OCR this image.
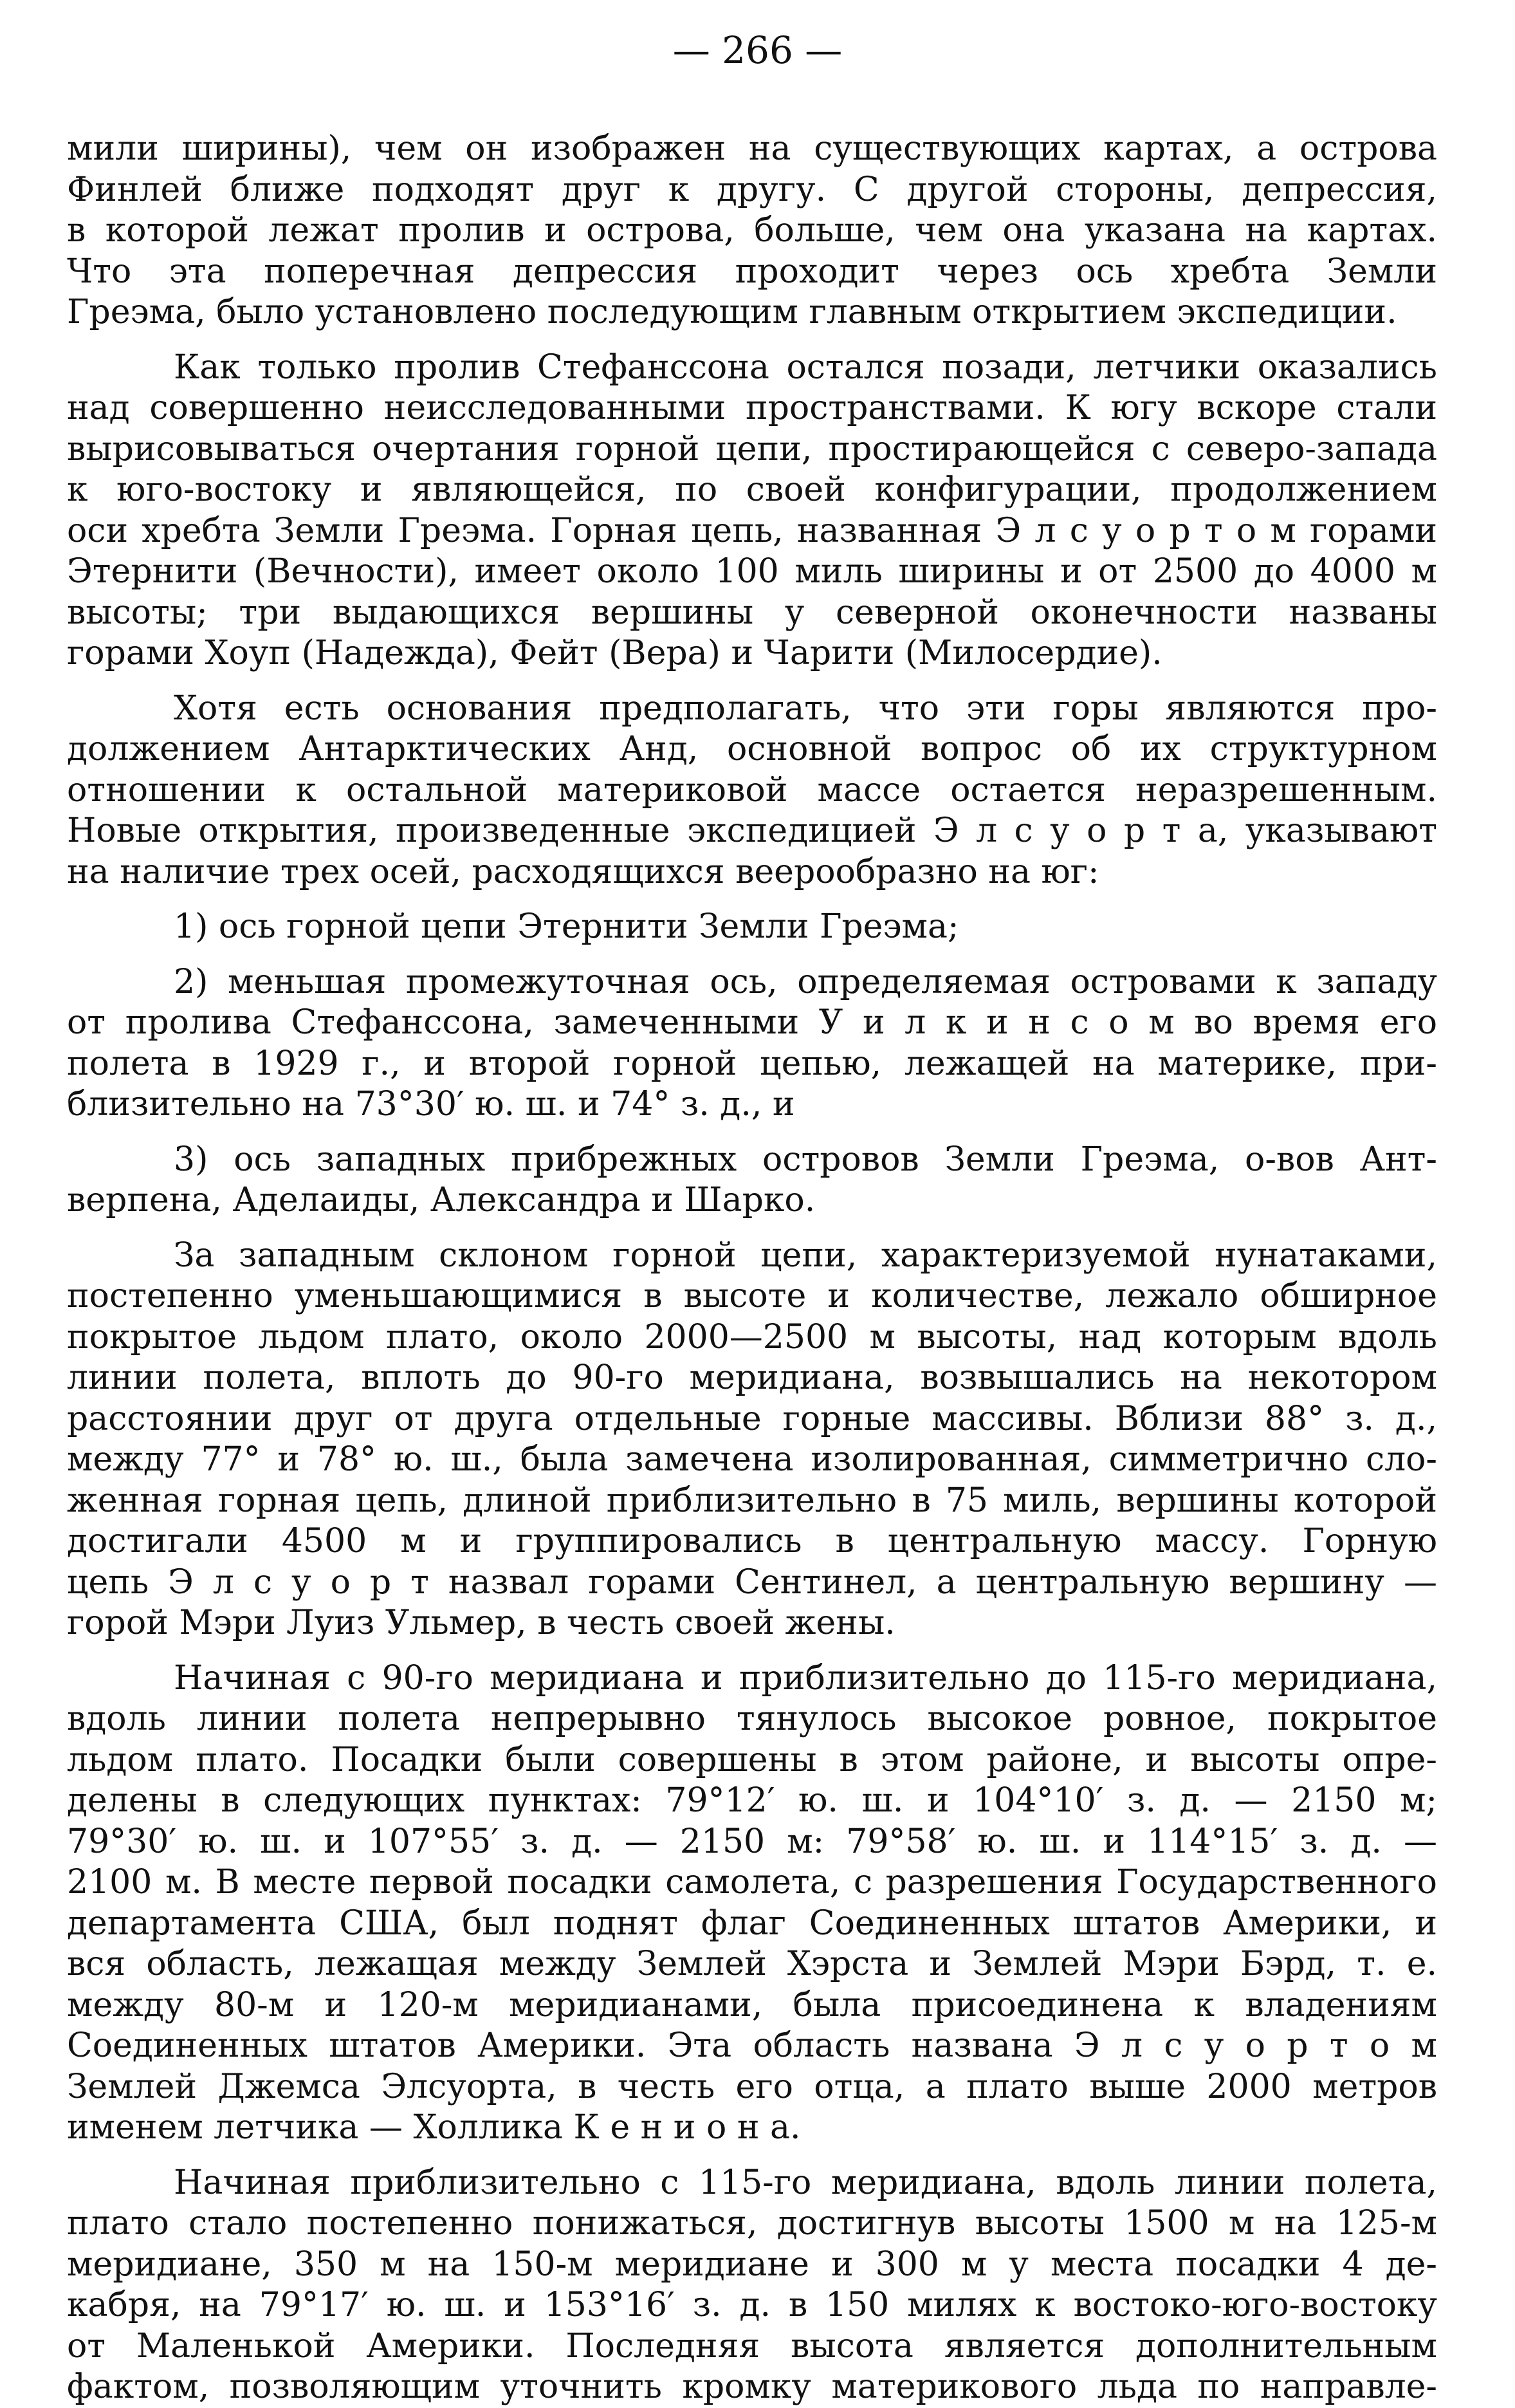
— 266 —
мили ширины), чем он изображен на существующих картах, а острова
Финлей ближе подходят друг к другу. С другой стороны, депрессия,
в которой лежат пролив и острова, больше, чем она указана на картах.
Что эта поперечная депрессия проходит через ось хребта Земли
Греэма, было установлено последующим главным открытием экспедиции.
Как только пролив Стефанссона остался позади, летчики оказались
над совершенно неисследованными пространствами. К югу вскоре стали
вырисовываться очертания горной цепи, простирающейся с северо-запада
к юго-востоку и являющейся, по своей конфигурации, продолжением
оси хребта Земли Греэма. Горная цепь, названная Э л с у о р т о м горами
Этернити (Вечности), имеет около 100 миль ширины и от 2500 до 4000 м
высоты; три выдающихся вершины у северной оконечности названы
горами Хоуп (Надежда), Фейт (Вера) и Чарити (Милосердие).
Хотя есть основания предполагать, что эти горы являются про-
должением Антарктических Анд, основной вопрос об их структурном
отношении к остальной материковой массе остается неразрешенным.
Новые открытия, произведенные экспедицией Э л с у о р т а, указывают
на наличие трех осей, расходящихся веерообразно на юг:
1) ось горной цепи Этернити Земли Греэма;
2) меньшая промежуточная ось, определяемая островами к западу
от пролива Стефанссона, замеченными У и л к и н с о м во время его
полета в 1929 г., и второй горной цепью, лежащей на материке, при-
близительно на 73°30′ ю. ш. и 74° з. д., и
3) ось западных прибрежных островов Земли Греэма, о-вов Ант-
верпена, Аделаиды, Александра и Шарко.
За западным склоном горной цепи, характеризуемой нунатаками,
постепенно уменьшающимися в высоте и количестве, лежало обширное
покрытое льдом плато, около 2000—2500 м высоты, над которым вдоль
линии полета, вплоть до 90-го меридиана, возвышались на некотором
расстоянии друг от друга отдельные горные массивы. Вблизи 88° з. д.,
между 77° и 78° ю. ш., была замечена изолированная, симметрично сло-
женная горная цепь, длиной приблизительно в 75 миль, вершины которой
достигали 4500 м и группировались в центральную массу. Горную
цепь Э л с у о р т назвал горами Сентинел, а центральную вершину —
горой Мэри Луиз Ульмер, в честь своей жены.
Начиная с 90-го меридиана и приблизительно до 115-го меридиана,
вдоль линии полета непрерывно тянулось высокое ровное, покрытое
льдом плато. Посадки были совершены в этом районе, и высоты опре-
делены в следующих пунктах: 79°12′ ю. ш. и 104°10′ з. д. — 2150 м;
79°30′ ю. ш. и 107°55′ з. д. — 2150 м: 79°58′ ю. ш. и 114°15′ з. д. —
2100 м. В месте первой посадки самолета, с разрешения Государственного
департамента США, был поднят флаг Соединенных штатов Америки, и
вся область, лежащая между Землей Хэрста и Землей Мэри Бэрд, т. е.
между 80-м и 120-м меридианами, была присоединена к владениям
Соединенных штатов Америки. Эта область названа Э л с у о р т о м
Землей Джемса Элсуорта, в честь его отца, а плато выше 2000 метров
именем летчика — Холлика К е н и о н а.
Начиная приблизительно с 115-го меридиана, вдоль линии полета,
плато стало постепенно понижаться, достигнув высоты 1500 м на 125-м
меридиане, 350 м на 150-м меридиане и 300 м у места посадки 4 де-
кабря, на 79°17′ ю. ш. и 153°16′ з. д. в 150 милях к востоко-юго-востоку
от Маленькой Америки. Последняя высота является дополнительным
фактом, позволяющим уточнить кромку материкового льда по направле-
